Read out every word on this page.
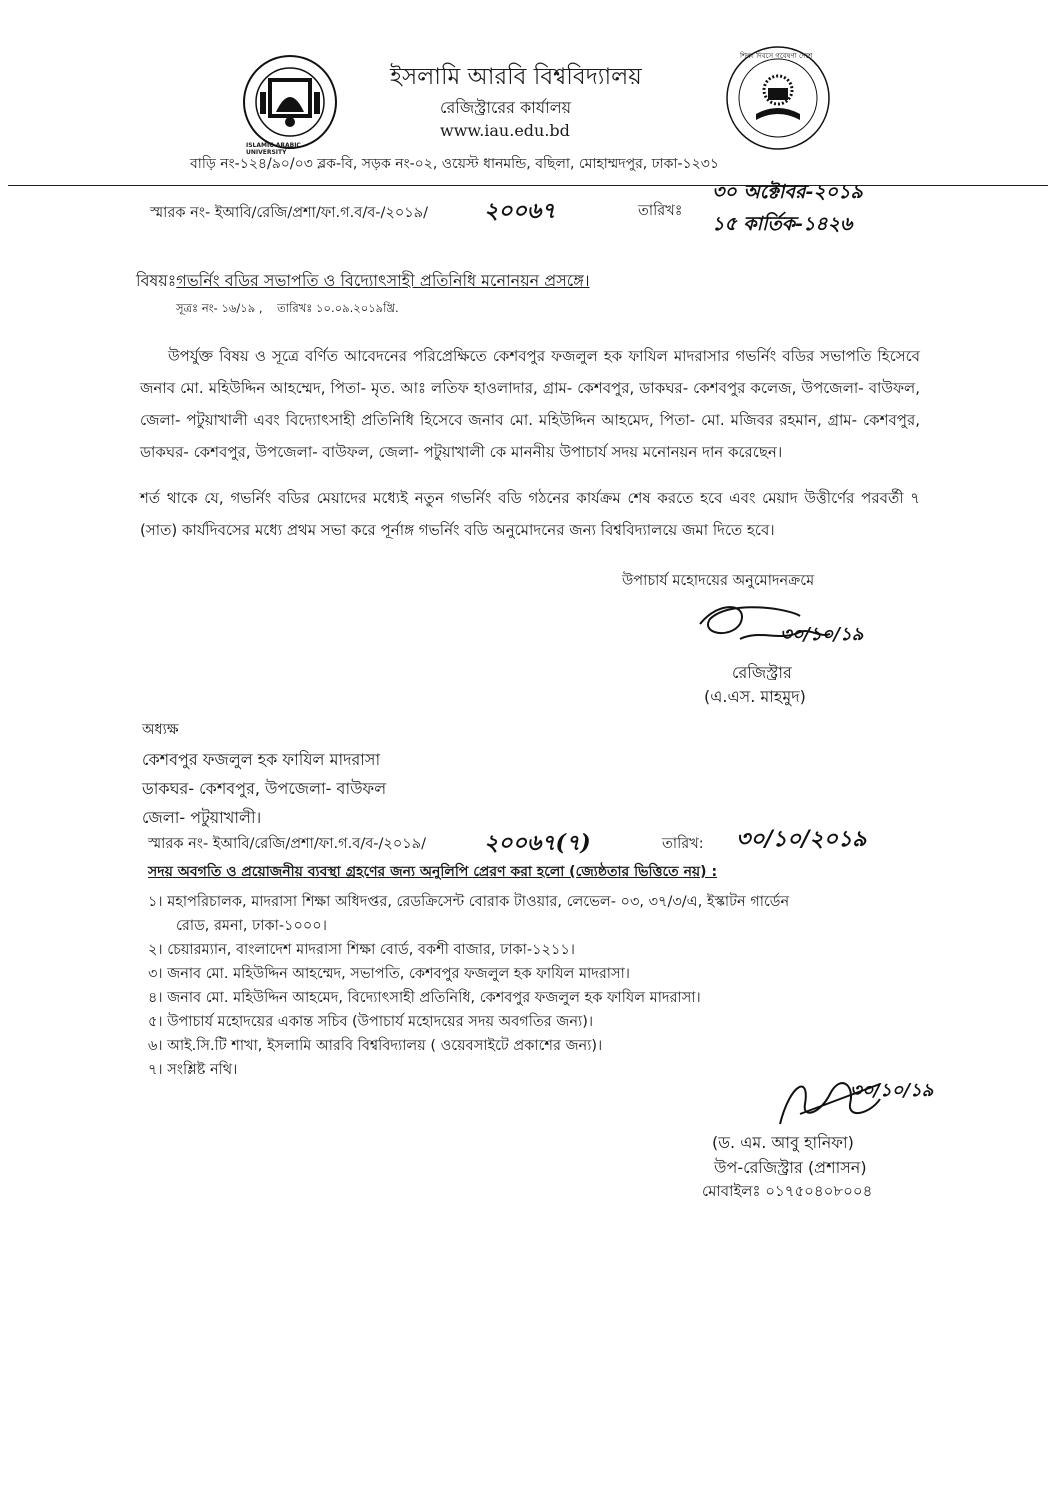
ISLAMIC ARABIC UNIVERSITY
ইসলামি আরবি বিশ্ববিদ্যালয়
রেজিস্ট্রারের কার্যালয়
www.iau.edu.bd
শিক্ষা দিবসে গবেষণা দেশে
বাড়ি নং-১২৪/৯০/০৩ ব্লক-বি, সড়ক নং-০২, ওয়েস্ট ধানমন্ডি, বছিলা, মোহাম্মদপুর, ঢাকা-১২৩১
স্মারক নং- ইআবি/রেজি/প্রশা/ফা.গ.ব/ব-/২০১৯/	২০০৬৭	তারিখঃ
৩০ অক্টোবর-২০১৯
১৫ কার্তিক-১৪২৬
বিষয়ঃগভর্নিং বডির সভাপতি ও বিদ্যোৎসাহী প্রতিনিধি মনোনয়ন প্রসঙ্গে।
সূত্রঃ নং- ১৬/১৯ ,    তারিখঃ ১০.০৯.২০১৯খ্রি.
উপর্যুক্ত বিষয় ও সূত্রে বর্ণিত আবেদনের পরিপ্রেক্ষিতে কেশবপুর ফজলুল হক ফাযিল মাদরাসার গভর্নিং বডির সভাপতি হিসেবে জনাব মো. মহিউদ্দিন আহম্মেদ, পিতা- মৃত. আঃ লতিফ হাওলাদার, গ্রাম- কেশবপুর, ডাকঘর- কেশবপুর কলেজ, উপজেলা- বাউফল, জেলা- পটুয়াখালী এবং বিদ্যোৎসাহী প্রতিনিধি হিসেবে জনাব মো. মহিউদ্দিন আহমেদ, পিতা- মো. মজিবর রহমান, গ্রাম- কেশবপুর, ডাকঘর- কেশবপুর, উপজেলা- বাউফল, জেলা- পটুয়াখালী কে মাননীয় উপাচার্য সদয় মনোনয়ন দান করেছেন।
শর্ত থাকে যে, গভর্নিং বডির মেয়াদের মধ্যেই নতুন গভর্নিং বডি গঠনের কার্যক্রম শেষ করতে হবে এবং মেয়াদ উত্তীর্ণের পরবর্তী ৭ (সাত) কার্যদিবসের মধ্যে প্রথম সভা করে পূর্নাঙ্গ গভর্নিং বডি অনুমোদনের জন্য বিশ্ববিদ্যালয়ে জমা দিতে হবে।
উপাচার্য মহোদয়ের অনুমোদনক্রমে
৩০/১০/১৯
রেজিস্ট্রার
(এ.এস. মাহমুদ)
অধ্যক্ষ
কেশবপুর ফজলুল হক ফাযিল মাদরাসা
ডাকঘর- কেশবপুর, উপজেলা- বাউফল
জেলা- পটুয়াখালী।
স্মারক নং- ইআবি/রেজি/প্রশা/ফা.গ.ব/ব-/২০১৯/	২০০৬৭(৭)	তারিখ: ৩০/১০/২০১৯
সদয় অবগতি ও প্রয়োজনীয় ব্যবস্থা গ্রহণের জন্য অনুলিপি প্রেরণ করা হলো (জ্যেষ্ঠতার ভিত্তিতে নয়) :
১। মহাপরিচালক, মাদরাসা শিক্ষা অধিদপ্তর, রেডক্রিসেন্ট বোরাক টাওয়ার, লেভেল- ০৩, ৩৭/৩/এ, ইস্কাটন গার্ডেন
রোড, রমনা, ঢাকা-১০০০।
২। চেয়ারম্যান, বাংলাদেশ মাদরাসা শিক্ষা বোর্ড, বকশী বাজার, ঢাকা-১২১১।
৩। জনাব মো. মহিউদ্দিন আহম্মেদ, সভাপতি, কেশবপুর ফজলুল হক ফাযিল মাদরাসা।
৪। জনাব মো. মহিউদ্দিন আহমেদ, বিদ্যোৎসাহী প্রতিনিধি, কেশবপুর ফজলুল হক ফাযিল মাদরাসা।
৫। উপাচার্য মহোদয়ের একান্ত সচিব (উপাচার্য মহোদয়ের সদয় অবগতির জন্য)।
৬। আই.সি.টি শাখা, ইসলামি আরবি বিশ্ববিদ্যালয় ( ওয়েবসাইটে প্রকাশের জন্য)।
৭। সংশ্লিষ্ট নথি।
৩০/১০/১৯
(ড. এম. আবু হানিফা)
উপ-রেজিস্ট্রার (প্রশাসন)
মোবাইলঃ ০১৭৫০৪০৮০০৪
